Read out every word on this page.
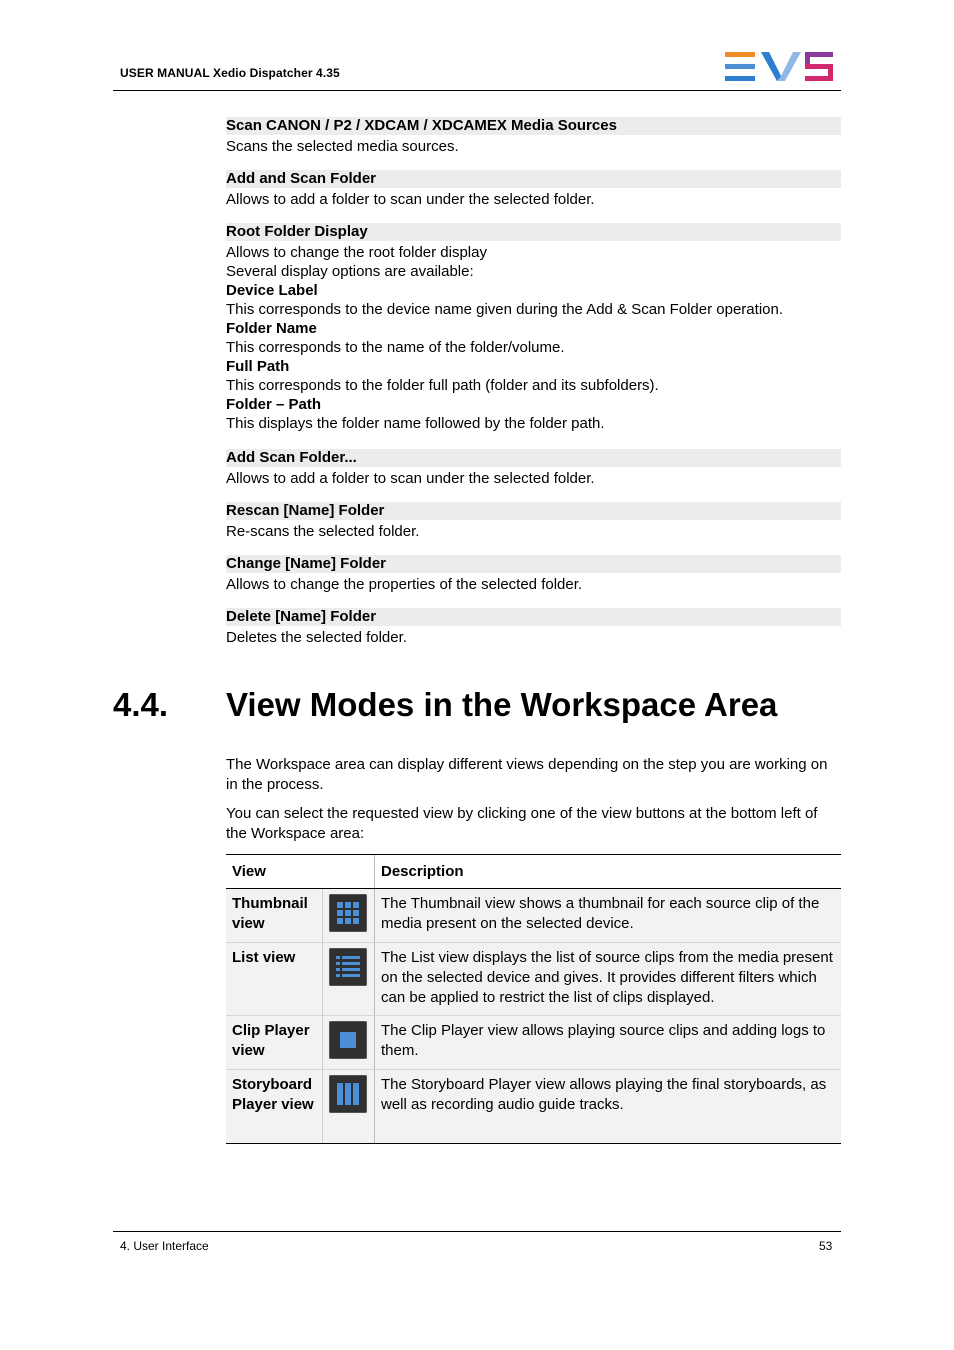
USER MANUAL Xedio Dispatcher 4.35
Scan CANON / P2 / XDCAM / XDCAMEX Media Sources
Scans the selected media sources.
Add and Scan Folder
Allows to add a folder to scan under the selected folder.
Root Folder Display
Allows to change the root folder display
Several display options are available:
Device Label
This corresponds to the device name given during the Add & Scan Folder operation.
Folder Name
This corresponds to the name of the folder/volume.
Full Path
This corresponds to the folder full path (folder and its subfolders).
Folder – Path
This displays the folder name followed by the folder path.
Add Scan Folder...
Allows to add a folder to scan under the selected folder.
Rescan [Name] Folder
Re-scans the selected folder.
Change [Name] Folder
Allows to change the properties of the selected folder.
Delete [Name] Folder
Deletes the selected folder.
4.4. View Modes in the Workspace Area
The Workspace area can display different views depending on the step you are working on in the process.
You can select the requested view by clicking one of the view buttons at the bottom left of the Workspace area:
View		Description
Thumbnail view		The Thumbnail view shows a thumbnail for each source clip of the media present on the selected device.
List view		The List view displays the list of source clips from the media present on the selected device and gives. It provides different filters which can be applied to restrict the list of clips displayed.
Clip Player view		The Clip Player view allows playing source clips and adding logs to them.
Storyboard Player view		The Storyboard Player view allows playing the final storyboards, as well as recording audio guide tracks.
4. User Interface	53
